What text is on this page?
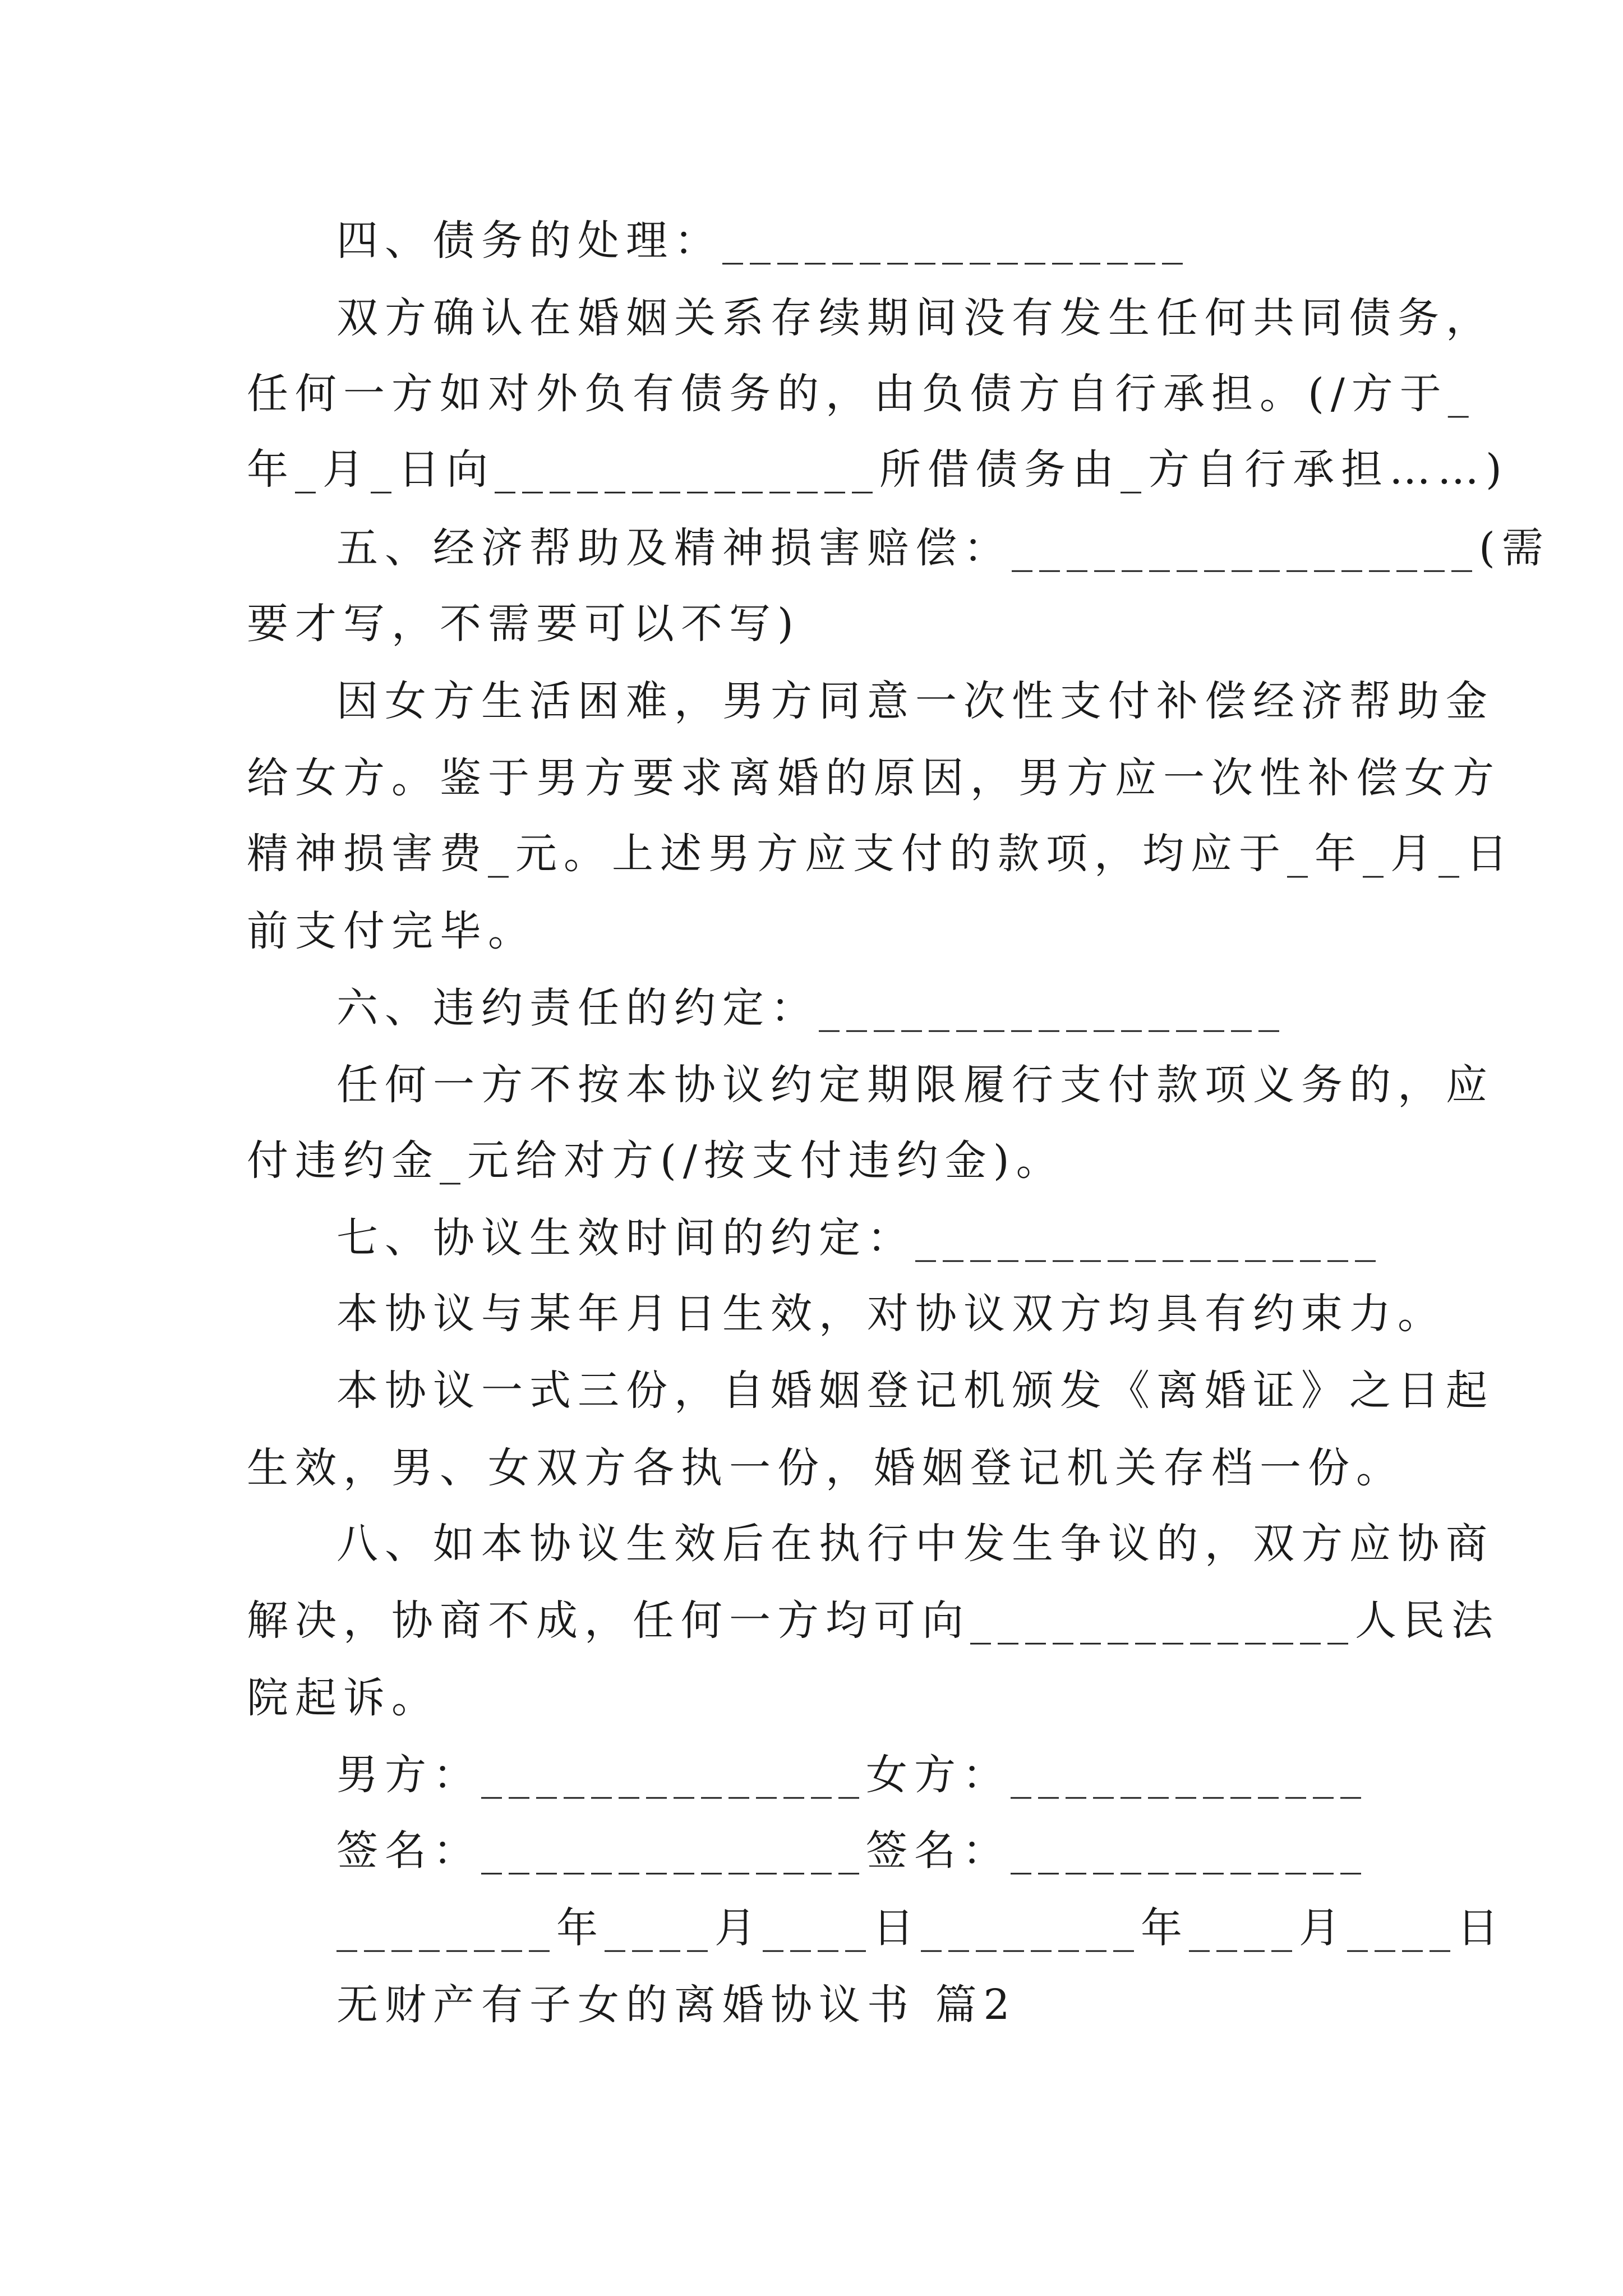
四、债务的处理：_________________
双方确认在婚姻关系存续期间没有发生任何共同债务，
任何一方如对外负有债务的，由负债方自行承担。(/方于_
年_月_日向______________所借债务由_方自行承担……)
五、经济帮助及精神损害赔偿：_________________(需
要才写，不需要可以不写)
因女方生活困难，男方同意一次性支付补偿经济帮助金
给女方。鉴于男方要求离婚的原因，男方应一次性补偿女方
精神损害费_元。上述男方应支付的款项，均应于_年_月_日
前支付完毕。
六、违约责任的约定：_________________
任何一方不按本协议约定期限履行支付款项义务的，应
付违约金_元给对方(/按支付违约金)。
七、协议生效时间的约定：_________________
本协议与某年月日生效，对协议双方均具有约束力。
本协议一式三份，自婚姻登记机颁发《离婚证》之日起
生效，男、女双方各执一份，婚姻登记机关存档一份。
八、如本协议生效后在执行中发生争议的，双方应协商
解决，协商不成，任何一方均可向______________人民法
院起诉。
男方：______________女方：_____________
签名：______________签名：_____________
________年____月____日________年____月____日
无财产有子女的离婚协议书 篇2
